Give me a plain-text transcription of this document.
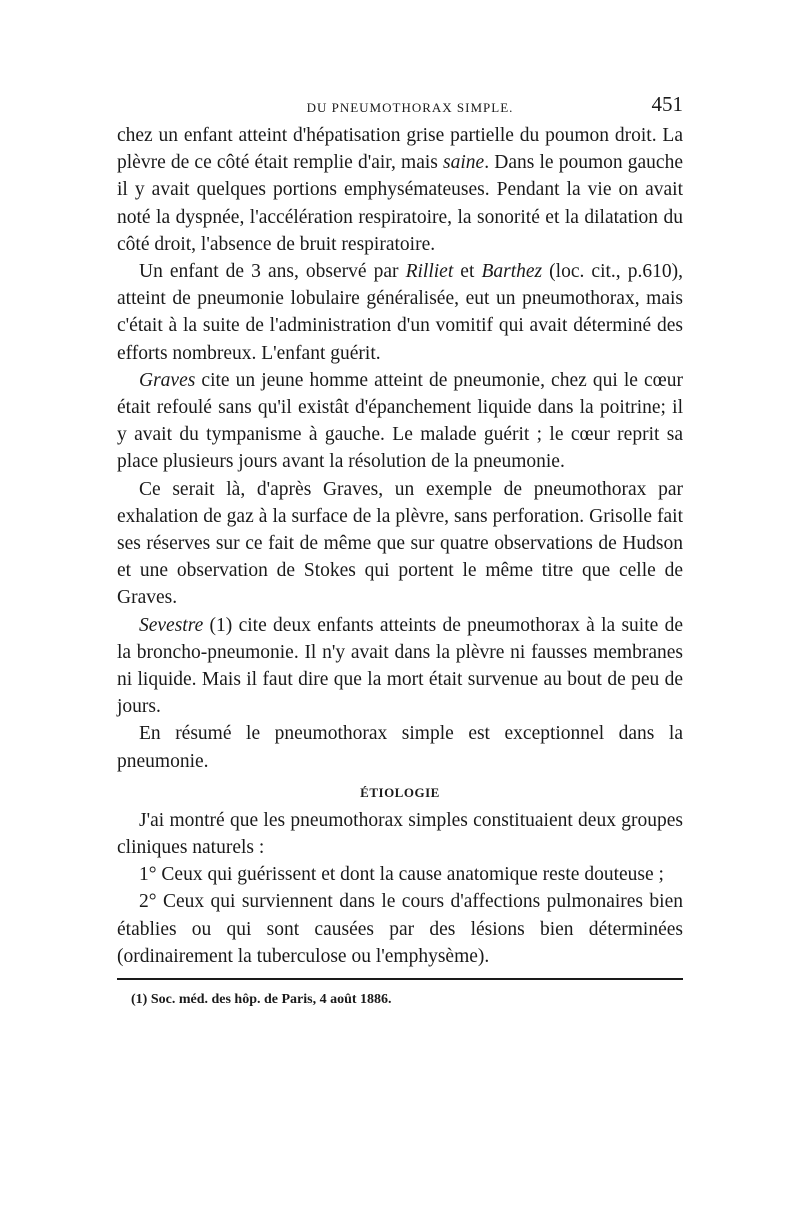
DU PNEUMOTHORAX SIMPLE.	451

chez un enfant atteint d'hépatisation grise partielle du poumon droit. La plèvre de ce côté était remplie d'air, mais saine. Dans le poumon gauche il y avait quelques portions emphysémateuses. Pendant la vie on avait noté la dyspnée, l'accélération respiratoire, la sonorité et la dilatation du côté droit, l'absence de bruit respiratoire.

Un enfant de 3 ans, observé par Rilliet et Barthez (loc. cit., p.610), atteint de pneumonie lobulaire généralisée, eut un pneumothorax, mais c'était à la suite de l'administration d'un vomitif qui avait déterminé des efforts nombreux. L'enfant guérit.

Graves cite un jeune homme atteint de pneumonie, chez qui le cœur était refoulé sans qu'il existât d'épanchement liquide dans la poitrine; il y avait du tympanisme à gauche. Le malade guérit ; le cœur reprit sa place plusieurs jours avant la résolution de la pneumonie.

Ce serait là, d'après Graves, un exemple de pneumothorax par exhalation de gaz à la surface de la plèvre, sans perforation. Grisolle fait ses réserves sur ce fait de même que sur quatre observations de Hudson et une observation de Stokes qui portent le même titre que celle de Graves.

Sevestre (1) cite deux enfants atteints de pneumothorax à la suite de la broncho-pneumonie. Il n'y avait dans la plèvre ni fausses membranes ni liquide. Mais il faut dire que la mort était survenue au bout de peu de jours.

En résumé le pneumothorax simple est exceptionnel dans la pneumonie.

ÉTIOLOGIE

J'ai montré que les pneumothorax simples constituaient deux groupes cliniques naturels :

1° Ceux qui guérissent et dont la cause anatomique reste douteuse ;

2° Ceux qui surviennent dans le cours d'affections pulmonaires bien établies ou qui sont causées par des lésions bien déterminées (ordinairement la tuberculose ou l'emphysème).

(1) Soc. méd. des hôp. de Paris, 4 août 1886.
